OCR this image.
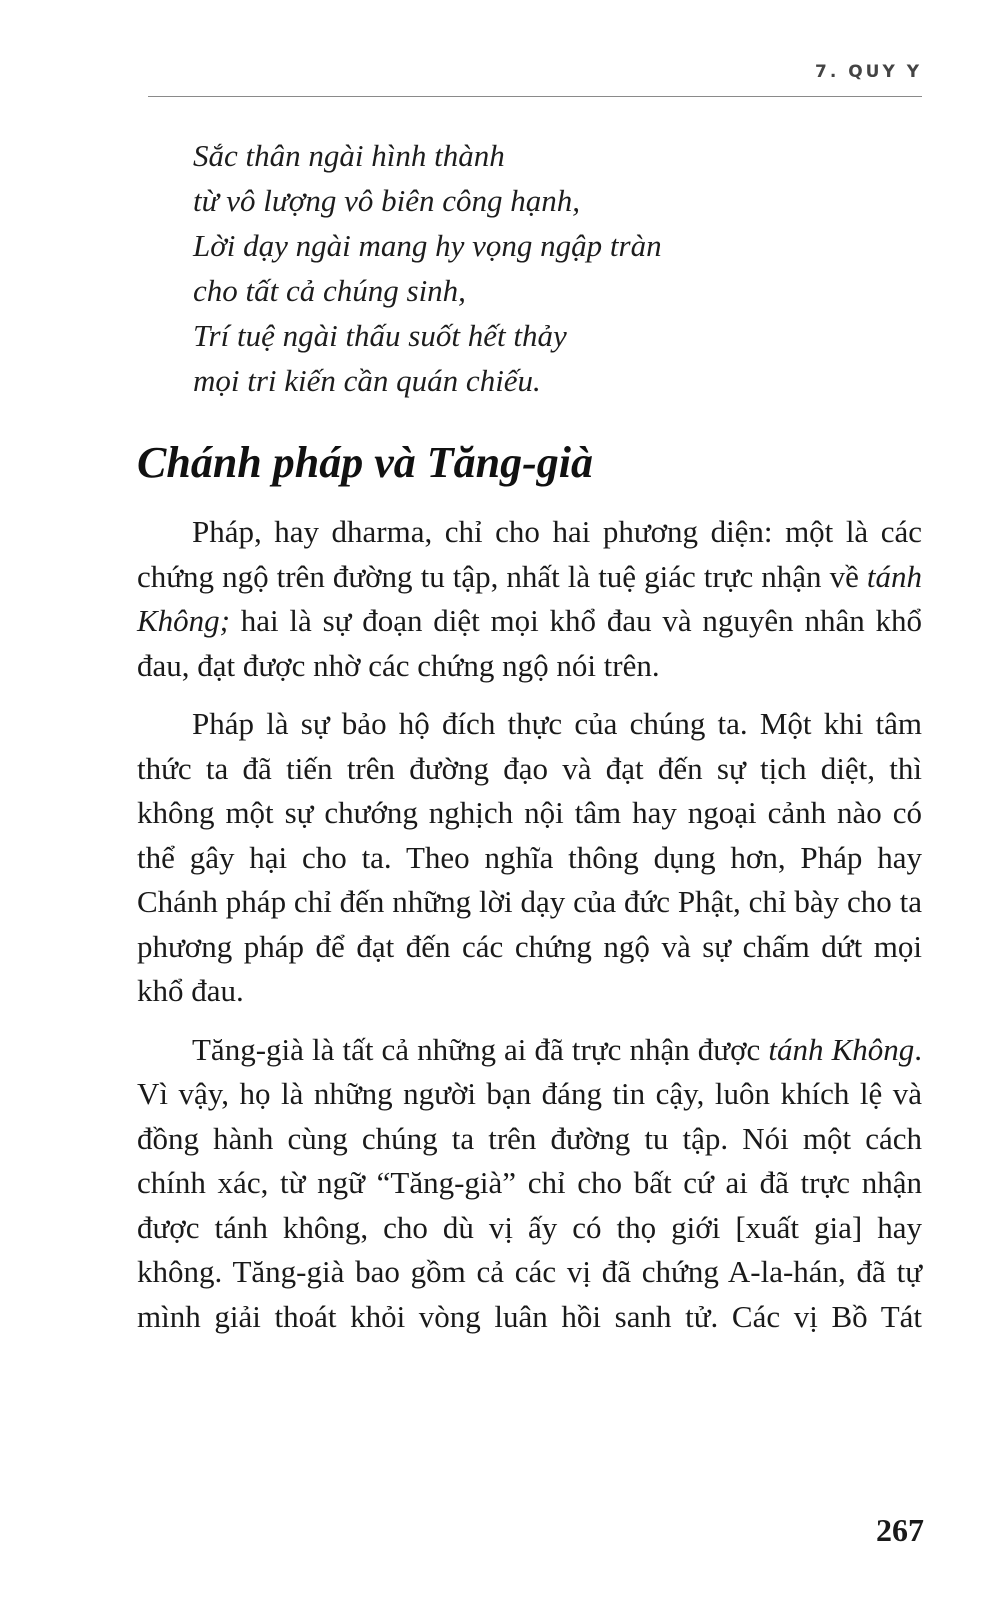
7. QUY Y
Sắc thân ngài hình thành
từ vô lượng vô biên công hạnh,
Lời dạy ngài mang hy vọng ngập tràn
cho tất cả chúng sinh,
Trí tuệ ngài thấu suốt hết thảy
mọi tri kiến cần quán chiếu.
Chánh pháp và Tăng-già

Pháp, hay dharma, chỉ cho hai phương diện: một là các chứng ngộ trên đường tu tập, nhất là tuệ giác trực nhận về tánh Không; hai là sự đoạn diệt mọi khổ đau và nguyên nhân khổ đau, đạt được nhờ các chứng ngộ nói trên.

Pháp là sự bảo hộ đích thực của chúng ta. Một khi tâm thức ta đã tiến trên đường đạo và đạt đến sự tịch diệt, thì không một sự chướng nghịch nội tâm hay ngoại cảnh nào có thể gây hại cho ta. Theo nghĩa thông dụng hơn, Pháp hay Chánh pháp chỉ đến những lời dạy của đức Phật, chỉ bày cho ta phương pháp để đạt đến các chứng ngộ và sự chấm dứt mọi khổ đau.

Tăng-già là tất cả những ai đã trực nhận được tánh Không. Vì vậy, họ là những người bạn đáng tin cậy, luôn khích lệ và đồng hành cùng chúng ta trên đường tu tập. Nói một cách chính xác, từ ngữ “Tăng-già” chỉ cho bất cứ ai đã trực nhận được tánh không, cho dù vị ấy có thọ giới [xuất gia] hay không. Tăng-già bao gồm cả các vị đã chứng A-la-hán, đã tự mình giải thoát khỏi vòng luân hồi sanh tử. Các vị Bồ Tát

267
